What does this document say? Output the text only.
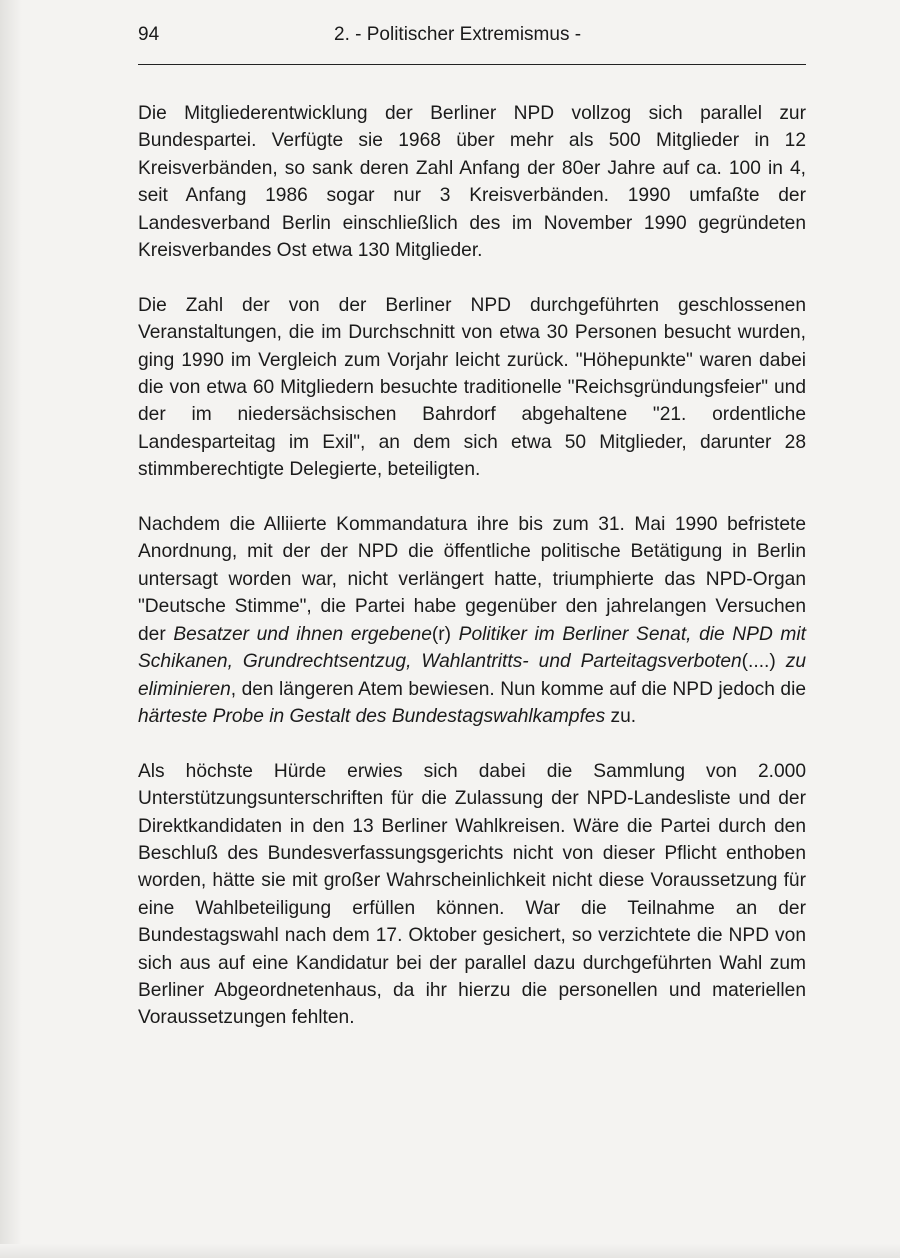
94	2. - Politischer Extremismus -

Die Mitgliederentwicklung der Berliner NPD vollzog sich parallel zur Bundespartei. Verfügte sie 1968 über mehr als 500 Mitglieder in 12 Kreisverbänden, so sank deren Zahl Anfang der 80er Jahre auf ca. 100 in 4, seit Anfang 1986 sogar nur 3 Kreisverbänden. 1990 umfaßte der Landesverband Berlin einschließlich des im November 1990 gegründeten Kreisverbandes Ost etwa 130 Mitglieder.

Die Zahl der von der Berliner NPD durchgeführten geschlossenen Veranstaltungen, die im Durchschnitt von etwa 30 Personen besucht wurden, ging 1990 im Vergleich zum Vorjahr leicht zurück. "Höhepunkte" waren dabei die von etwa 60 Mitgliedern besuchte traditionelle "Reichsgründungsfeier" und der im niedersächsischen Bahrdorf abgehaltene "21. ordentliche Landesparteitag im Exil", an dem sich etwa 50 Mitglieder, darunter 28 stimmberechtigte Delegierte, beteiligten.

Nachdem die Alliierte Kommandatura ihre bis zum 31. Mai 1990 befristete Anordnung, mit der der NPD die öffentliche politische Betätigung in Berlin untersagt worden war, nicht verlängert hatte, triumphierte das NPD-Organ "Deutsche Stimme", die Partei habe gegenüber den jahrelangen Versuchen der Besatzer und ihnen ergebene(r) Politiker im Berliner Senat, die NPD mit Schikanen, Grundrechtsentzug, Wahlantritts- und Parteitagsverboten(....) zu eliminieren, den längeren Atem bewiesen. Nun komme auf die NPD jedoch die härteste Probe in Gestalt des Bundestagswahlkampfes zu.

Als höchste Hürde erwies sich dabei die Sammlung von 2.000 Unterstützungsunterschriften für die Zulassung der NPD-Landesliste und der Direktkandidaten in den 13 Berliner Wahlkreisen. Wäre die Partei durch den Beschluß des Bundesverfassungsgerichts nicht von dieser Pflicht enthoben worden, hätte sie mit großer Wahrscheinlichkeit nicht diese Voraussetzung für eine Wahlbeteiligung erfüllen können. War die Teilnahme an der Bundestagswahl nach dem 17. Oktober gesichert, so verzichtete die NPD von sich aus auf eine Kandidatur bei der parallel dazu durchgeführten Wahl zum Berliner Abgeordnetenhaus, da ihr hierzu die personellen und materiellen Voraussetzungen fehlten.
